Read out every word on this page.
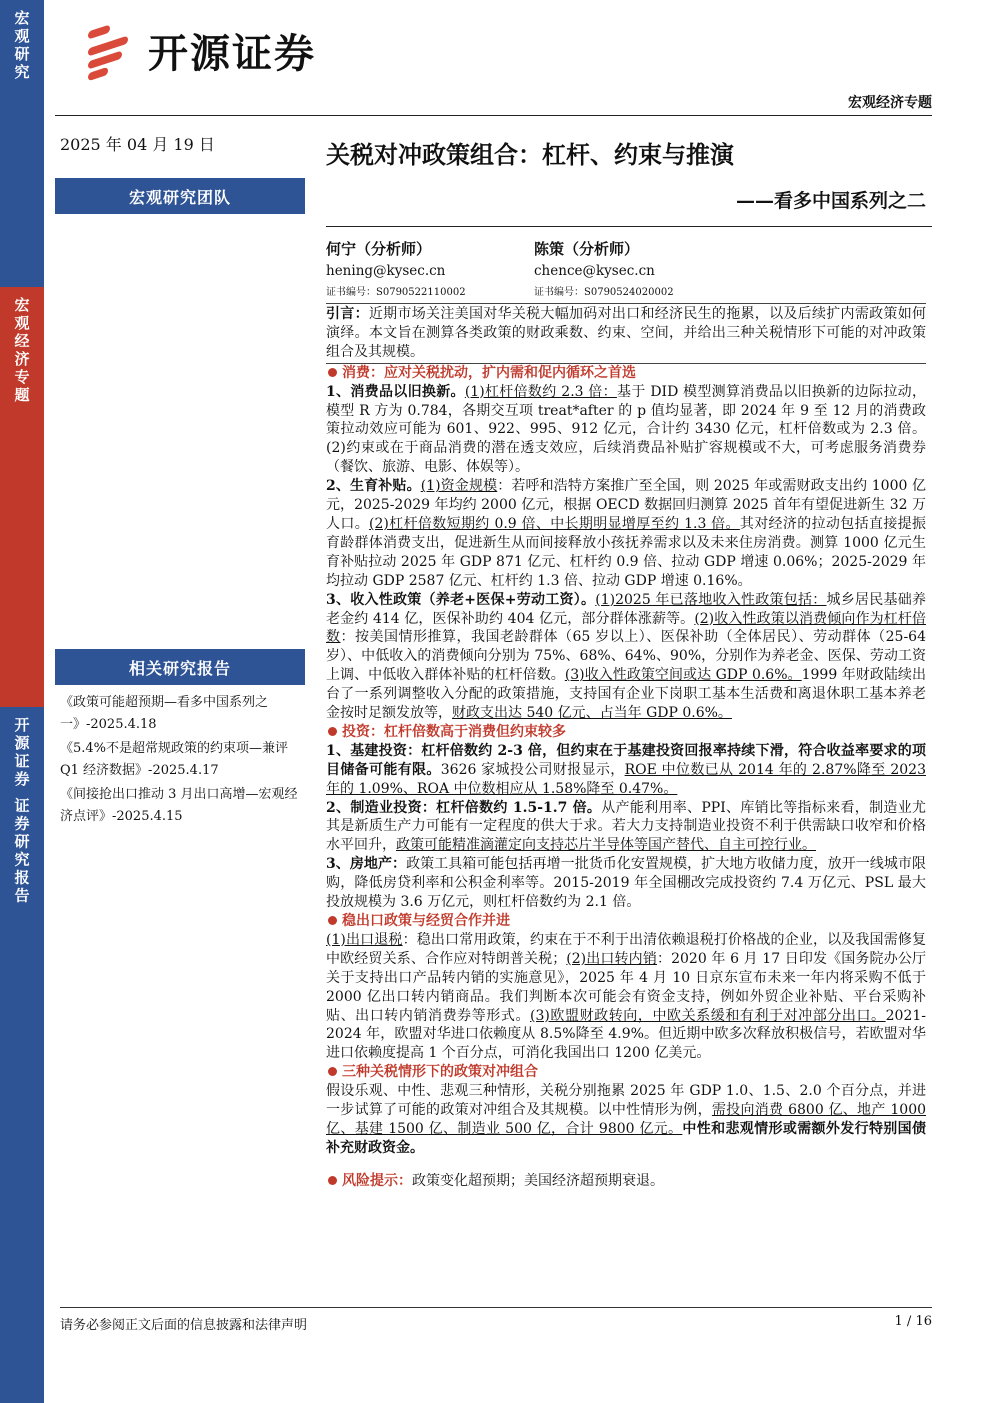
宏观研究
宏观经济专题
开源证券 证券研究报告
开源证券
宏观经济专题
2025 年 04 月 19 日	关税对冲政策组合：杠杆、约束与推演
宏观研究团队	——看多中国系列之二
何宁（分析师）
hening@kysec.cn
证书编号：S0790522110002
陈策（分析师）
chence@kysec.cn
证书编号：S0790524020002
相关研究报告
《政策可能超预期—看多中国系列之一》-2025.4.18
《5.4%不是超常规政策的约束项—兼评 Q1 经济数据》-2025.4.17
《间接抢出口推动 3 月出口高增—宏观经济点评》-2025.4.15

引言：近期市场关注美国对华关税大幅加码对出口和经济民生的拖累，以及后续扩内需政策如何演绎。本文旨在测算各类政策的财政乘数、约束、空间，并给出三种关税情形下可能的对冲政策组合及其规模。

消费：应对关税扰动，扩内需和促内循环之首选

1、消费品以旧换新。(1)杠杆倍数约 2.3 倍：基于 DID 模型测算消费品以旧换新的边际拉动，模型 R 方为 0.784，各期交互项 treat*after 的 p 值均显著，即 2024 年 9 至 12 月的消费政策拉动效应可能为 601、922、995、912 亿元，合计约 3430 亿元，杠杆倍数或为 2.3 倍。(2)约束或在于商品消费的潜在透支效应，后续消费品补贴扩容规模或不大，可考虑服务消费券（餐饮、旅游、电影、体娱等）。

2、生育补贴。(1)资金规模：若呼和浩特方案推广至全国，则 2025 年或需财政支出约 1000 亿元，2025-2029 年均约 2000 亿元，根据 OECD 数据回归测算 2025 首年有望促进新生 32 万人口。(2)杠杆倍数短期约 0.9 倍、中长期明显增厚至约 1.3 倍。其对经济的拉动包括直接提振育龄群体消费支出，促进新生从而间接释放小孩抚养需求以及未来住房消费。测算 1000 亿元生育补贴拉动 2025 年 GDP 871 亿元、杠杆约 0.9 倍、拉动 GDP 增速 0.06%；2025-2029 年均拉动 GDP 2587 亿元、杠杆约 1.3 倍、拉动 GDP 增速 0.16%。

3、收入性政策（养老+医保+劳动工资）。(1)2025 年已落地收入性政策包括：城乡居民基础养老金约 414 亿，医保补助约 404 亿元，部分群体涨薪等。(2)收入性政策以消费倾向作为杠杆倍数：按美国情形推算，我国老龄群体（65 岁以上）、医保补助（全体居民）、劳动群体（25-64 岁）、中低收入的消费倾向分别为 75%、68%、64%、90%，分别作为养老金、医保、劳动工资上调、中低收入群体补贴的杠杆倍数。(3)收入性政策空间或达 GDP 0.6%。1999 年财政陆续出台了一系列调整收入分配的政策措施，支持国有企业下岗职工基本生活费和离退休职工基本养老金按时足额发放等，财政支出达 540 亿元、占当年 GDP 0.6%。

投资：杠杆倍数高于消费但约束较多

1、基建投资：杠杆倍数约 2-3 倍，但约束在于基建投资回报率持续下滑，符合收益率要求的项目储备可能有限。3626 家城投公司财报显示，ROE 中位数已从 2014 年的 2.87%降至 2023 年的 1.09%、ROA 中位数相应从 1.58%降至 0.47%。

2、制造业投资：杠杆倍数约 1.5-1.7 倍。从产能利用率、PPI、库销比等指标来看，制造业尤其是新质生产力可能有一定程度的供大于求。若大力支持制造业投资不利于供需缺口收窄和价格水平回升，政策可能精准滴灌定向支持芯片半导体等国产替代、自主可控行业。

3、房地产：政策工具箱可能包括再增一批货币化安置规模，扩大地方收储力度，放开一线城市限购，降低房贷利率和公积金利率等。2015-2019 年全国棚改完成投资约 7.4 万亿元、PSL 最大投放规模为 3.6 万亿元，则杠杆倍数约为 2.1 倍。

稳出口政策与经贸合作并进

(1)出口退税：稳出口常用政策，约束在于不利于出清依赖退税打价格战的企业，以及我国需修复中欧经贸关系、合作应对特朗普关税；(2)出口转内销：2020 年 6 月 17 日印发《国务院办公厅关于支持出口产品转内销的实施意见》，2025 年 4 月 10 日京东宣布未来一年内将采购不低于 2000 亿出口转内销商品。我们判断本次可能会有资金支持，例如外贸企业补贴、平台采购补贴、出口转内销消费券等形式。(3)欧盟财政转向，中欧关系缓和有利于对冲部分出口。2021-2024 年，欧盟对华进口依赖度从 8.5%降至 4.9%。但近期中欧多次释放积极信号，若欧盟对华进口依赖度提高 1 个百分点，可消化我国出口 1200 亿美元。

三种关税情形下的政策对冲组合

假设乐观、中性、悲观三种情形，关税分别拖累 2025 年 GDP 1.0、1.5、2.0 个百分点，并进一步试算了可能的政策对冲组合及其规模。以中性情形为例，需投向消费 6800 亿、地产 1000 亿、基建 1500 亿、制造业 500 亿，合计 9800 亿元。中性和悲观情形或需额外发行特别国债补充财政资金。

风险提示：政策变化超预期；美国经济超预期衰退。

请务必参阅正文后面的信息披露和法律声明	1 / 16
